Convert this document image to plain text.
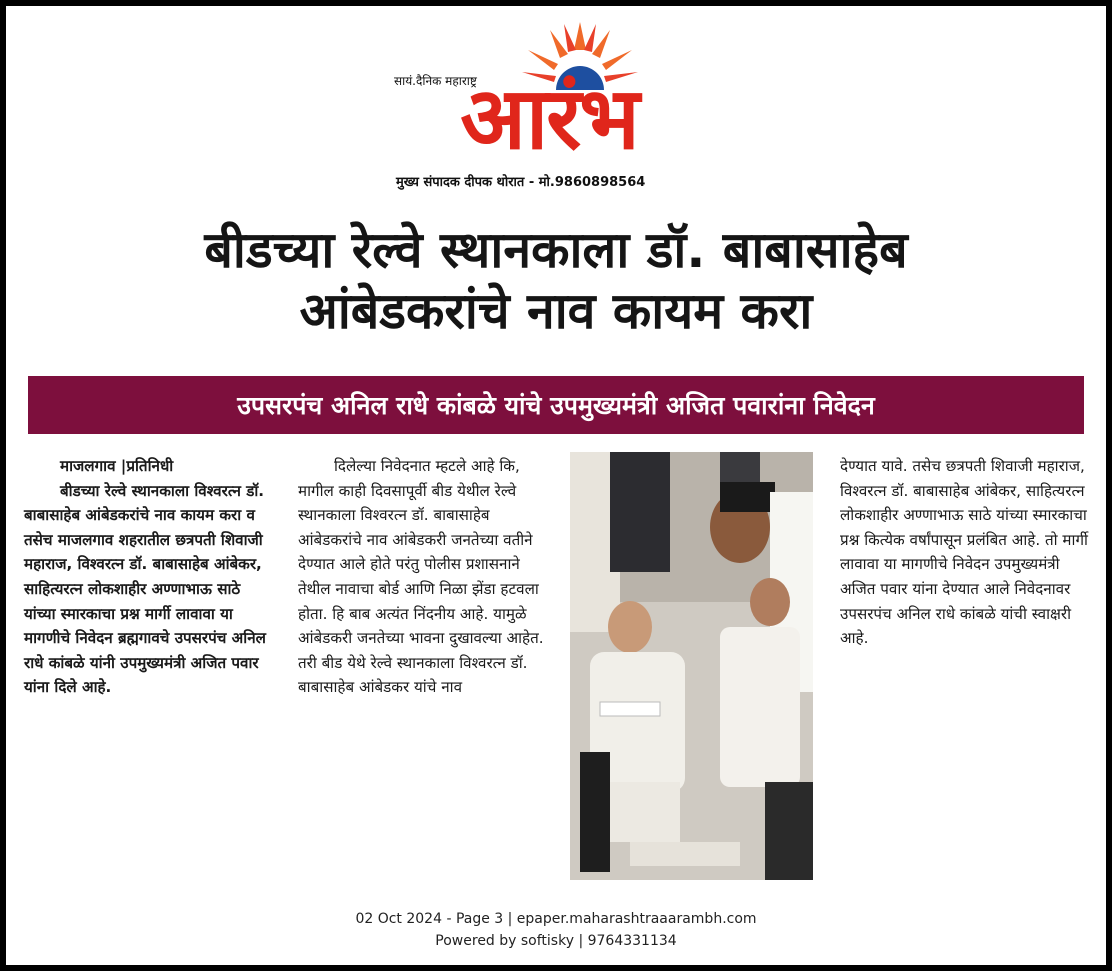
सायं.दैनिक महाराष्ट्र
आरंभ
मुख्य संपादक दीपक थोरात - मो.9860898564
बीडच्या रेल्वे स्थानकाला डॉ. बाबासाहेब
आंबेडकरांचे नाव कायम करा
उपसरपंच अनिल राधे कांबळे यांचे उपमुख्यमंत्री अजित पवारांना निवेदन

माजलगाव |प्रतिनिधी

बीडच्या रेल्वे स्थानकाला विश्वरत्न डॉ. बाबासाहेब आंबेडकरांचे नाव कायम करा व तसेच माजलगाव शहरातील छत्रपती शिवाजी महाराज, विश्वरत्न डॉ. बाबासाहेब आंबेकर, साहित्यरत्न लोकशाहीर अण्णाभाऊ साठे यांच्या स्मारकाचा प्रश्न मार्गी लावावा या मागणीचे निवेदन ब्रह्मगावचे उपसरपंच अनिल राधे कांबळे यांनी उपमुख्यमंत्री अजित पवार यांना दिले आहे.

दिलेल्या निवेदनात म्हटले आहे कि, मागील काही दिवसापूर्वी बीड येथील रेल्वे स्थानकाला विश्वरत्न डॉ. बाबासाहेब आंबेडकरांचे नाव आंबेडकरी जनतेच्या वतीने देण्यात आले होते परंतु पोलीस प्रशासनाने तेथील नावाचा बोर्ड आणि निळा झेंडा हटवला होता. हि बाब अत्यंत निंदनीय आहे. यामुळे आंबेडकरी जनतेच्या भावना दुखावल्या आहेत. तरी बीड येथे रेल्वे स्थानकाला विश्वरत्न डॉ. बाबासाहेब आंबेडकर यांचे नाव

देण्यात यावे. तसेच छत्रपती शिवाजी महाराज, विश्वरत्न डॉ. बाबासाहेब आंबेकर, साहित्यरत्न लोकशाहीर अण्णाभाऊ साठे यांच्या स्मारकाचा प्रश्न कित्येक वर्षांपासून प्रलंबित आहे. तो मार्गी लावावा या मागणीचे निवेदन उपमुख्यमंत्री अजित पवार यांना देण्यात आले निवेदनावर उपसरपंच अनिल राधे कांबळे यांची स्वाक्षरी आहे.

02 Oct 2024 - Page 3 | epaper.maharashtraaarambh.com
Powered by softisky | 9764331134
